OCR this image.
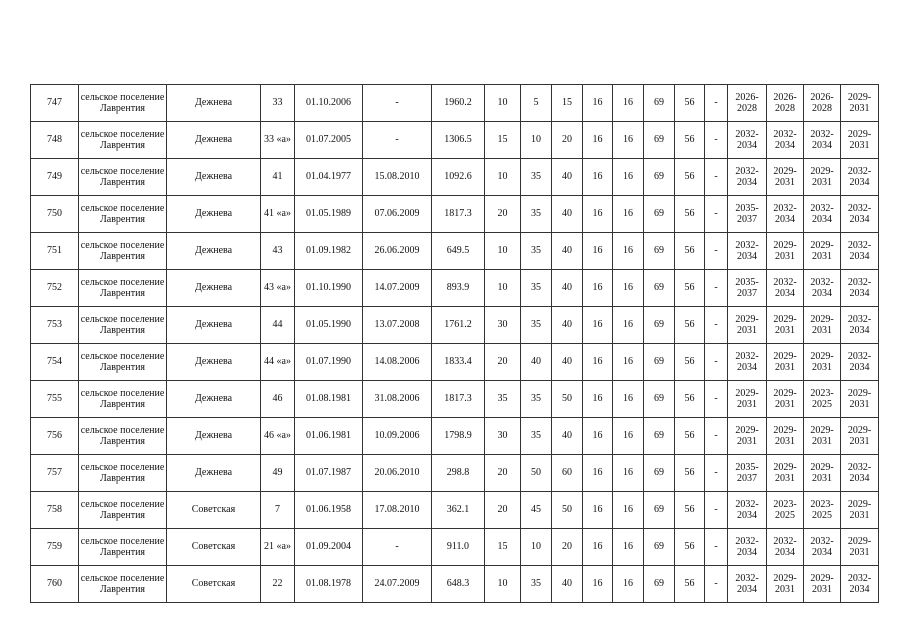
747	сельское поселение Лаврентия	Дежнева	33	01.10.2006	-	1960.2	10	5	15	16	16	69	56	-	2026-2028	2026-2028	2026-2028	2029-2031
748	сельское поселение Лаврентия	Дежнева	33 «а»	01.07.2005	-	1306.5	15	10	20	16	16	69	56	-	2032-2034	2032-2034	2032-2034	2029-2031
749	сельское поселение Лаврентия	Дежнева	41	01.04.1977	15.08.2010	1092.6	10	35	40	16	16	69	56	-	2032-2034	2029-2031	2029-2031	2032-2034
750	сельское поселение Лаврентия	Дежнева	41 «а»	01.05.1989	07.06.2009	1817.3	20	35	40	16	16	69	56	-	2035-2037	2032-2034	2032-2034	2032-2034
751	сельское поселение Лаврентия	Дежнева	43	01.09.1982	26.06.2009	649.5	10	35	40	16	16	69	56	-	2032-2034	2029-2031	2029-2031	2032-2034
752	сельское поселение Лаврентия	Дежнева	43 «а»	01.10.1990	14.07.2009	893.9	10	35	40	16	16	69	56	-	2035-2037	2032-2034	2032-2034	2032-2034
753	сельское поселение Лаврентия	Дежнева	44	01.05.1990	13.07.2008	1761.2	30	35	40	16	16	69	56	-	2029-2031	2029-2031	2029-2031	2032-2034
754	сельское поселение Лаврентия	Дежнева	44 «а»	01.07.1990	14.08.2006	1833.4	20	40	40	16	16	69	56	-	2032-2034	2029-2031	2029-2031	2032-2034
755	сельское поселение Лаврентия	Дежнева	46	01.08.1981	31.08.2006	1817.3	35	35	50	16	16	69	56	-	2029-2031	2029-2031	2023-2025	2029-2031
756	сельское поселение Лаврентия	Дежнева	46 «а»	01.06.1981	10.09.2006	1798.9	30	35	40	16	16	69	56	-	2029-2031	2029-2031	2029-2031	2029-2031
757	сельское поселение Лаврентия	Дежнева	49	01.07.1987	20.06.2010	298.8	20	50	60	16	16	69	56	-	2035-2037	2029-2031	2029-2031	2032-2034
758	сельское поселение Лаврентия	Советская	7	01.06.1958	17.08.2010	362.1	20	45	50	16	16	69	56	-	2032-2034	2023-2025	2023-2025	2029-2031
759	сельское поселение Лаврентия	Советская	21 «а»	01.09.2004	-	911.0	15	10	20	16	16	69	56	-	2032-2034	2032-2034	2032-2034	2029-2031
760	сельское поселение Лаврентия	Советская	22	01.08.1978	24.07.2009	648.3	10	35	40	16	16	69	56	-	2032-2034	2029-2031	2029-2031	2032-2034
